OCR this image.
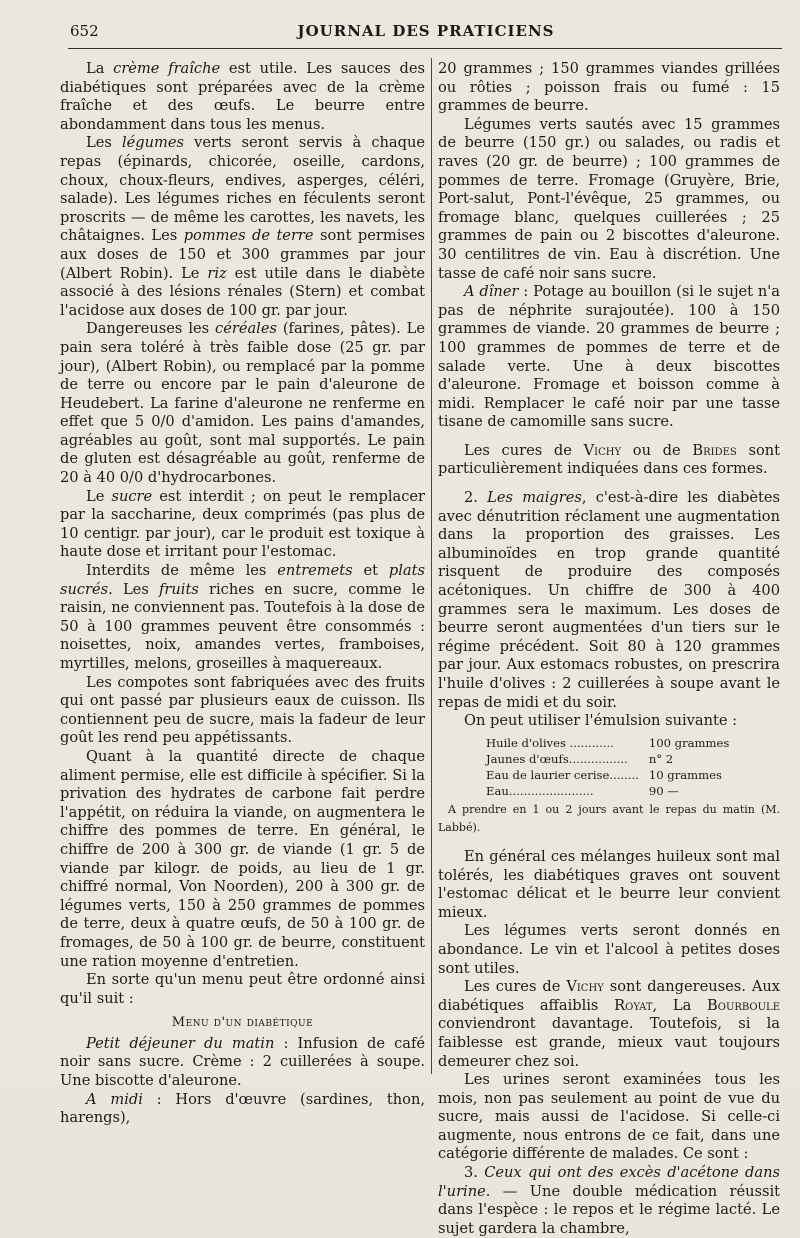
652	JOURNAL DES PRATICIENS

La crème fraîche est utile. Les sauces des diabétiques sont préparées avec de la crème fraîche et des œufs. Le beurre entre abondamment dans tous les menus.

Les légumes verts seront servis à chaque repas (épinards, chicorée, oseille, cardons, choux, choux-fleurs, endives, asperges, céléri, salade). Les légumes riches en féculents seront proscrits — de même les carottes, les navets, les châtaignes. Les pommes de terre sont permises aux doses de 150 et 300 grammes par jour (Albert Robin). Le riz est utile dans le diabète associé à des lésions rénales (Stern) et combat l'acidose aux doses de 100 gr. par jour.

Dangereuses les céréales (farines, pâtes). Le pain sera toléré à très faible dose (25 gr. par jour), (Albert Robin), ou remplacé par la pomme de terre ou encore par le pain d'aleurone de Heudebert. La farine d'aleurone ne renferme en effet que 5 0/0 d'amidon. Les pains d'amandes, agréables au goût, sont mal supportés. Le pain de gluten est désagréable au goût, renferme de 20 à 40 0/0 d'hydrocarbones.

Le sucre est interdit ; on peut le remplacer par la saccharine, deux comprimés (pas plus de 10 centigr. par jour), car le produit est toxique à haute dose et irritant pour l'estomac.

Interdits de même les entremets et plats sucrés. Les fruits riches en sucre, comme le raisin, ne conviennent pas. Toutefois à la dose de 50 à 100 grammes peuvent être consommés : noisettes, noix, amandes vertes, framboises, myrtilles, melons, groseilles à maquereaux.

Les compotes sont fabriquées avec des fruits qui ont passé par plusieurs eaux de cuisson. Ils contiennent peu de sucre, mais la fadeur de leur goût les rend peu appétissants.

Quant à la quantité directe de chaque aliment permise, elle est difficile à spécifier. Si la privation des hydrates de carbone fait perdre l'appétit, on réduira la viande, on augmentera le chiffre des pommes de terre. En général, le chiffre de 200 à 300 gr. de viande (1 gr. 5 de viande par kilogr. de poids, au lieu de 1 gr. chiffré normal, Von Noorden), 200 à 300 gr. de légumes verts, 150 à 250 grammes de pommes de terre, deux à quatre œufs, de 50 à 100 gr. de fromages, de 50 à 100 gr. de beurre, constituent une ration moyenne d'entretien.

En sorte qu'un menu peut être ordonné ainsi qu'il suit :

Menu d'un diabétique

Petit déjeuner du matin : Infusion de café noir sans sucre. Crème : 2 cuillerées à soupe. Une biscotte d'aleurone.

A midi : Hors d'œuvre (sardines, thon, harengs),

20 grammes ; 150 grammes viandes grillées ou rôties ; poisson frais ou fumé : 15 grammes de beurre.

Légumes verts sautés avec 15 grammes de beurre (150 gr.) ou salades, ou radis et raves (20 gr. de beurre) ; 100 grammes de pommes de terre. Fromage (Gruyère, Brie, Port-salut, Pont-l'évêque, 25 grammes, ou fromage blanc, quelques cuillerées ; 25 grammes de pain ou 2 biscottes d'aleurone. 30 centilitres de vin. Eau à discrétion. Une tasse de café noir sans sucre.

A dîner : Potage au bouillon (si le sujet n'a pas de néphrite surajoutée). 100 à 150 grammes de viande. 20 grammes de beurre ; 100 grammes de pommes de terre et de salade verte. Une à deux biscottes d'aleurone. Fromage et boisson comme à midi. Remplacer le café noir par une tasse tisane de camomille sans sucre.

Les cures de Vichy ou de Brides sont particulièrement indiquées dans ces formes.

2. Les maigres, c'est-à-dire les diabètes avec dénutrition réclament une augmentation dans la proportion des graisses. Les albuminoïdes en trop grande quantité risquent de produire des composés acétoniques. Un chiffre de 300 à 400 grammes sera le maximum. Les doses de beurre seront augmentées d'un tiers sur le régime précédent. Soit 80 à 120 grammes par jour. Aux estomacs robustes, on prescrira l'huile d'olives : 2 cuillerées à soupe avant le repas de midi et du soir.

On peut utiliser l'émulsion suivante :

Huile d'olives ............	100 grammes
Jaunes d'œufs................	n° 2
Eau de laurier cerise........	10 grammes
Eau.......................	90 —

A prendre en 1 ou 2 jours avant le repas du matin (M. Labbé).

En général ces mélanges huileux sont mal tolérés, les diabétiques graves ont souvent l'estomac délicat et le beurre leur convient mieux.

Les légumes verts seront donnés en abondance. Le vin et l'alcool à petites doses sont utiles.

Les cures de Vichy sont dangereuses. Aux diabétiques affaiblis Royat, La Bourboule conviendront davantage. Toutefois, si la faiblesse est grande, mieux vaut toujours demeurer chez soi.

Les urines seront examinées tous les mois, non pas seulement au point de vue du sucre, mais aussi de l'acidose. Si celle-ci augmente, nous entrons de ce fait, dans une catégorie différente de malades. Ce sont :

3. Ceux qui ont des excès d'acétone dans l'urine. — Une double médication réussit dans l'espèce : le repos et le régime lacté. Le sujet gardera la chambre,
